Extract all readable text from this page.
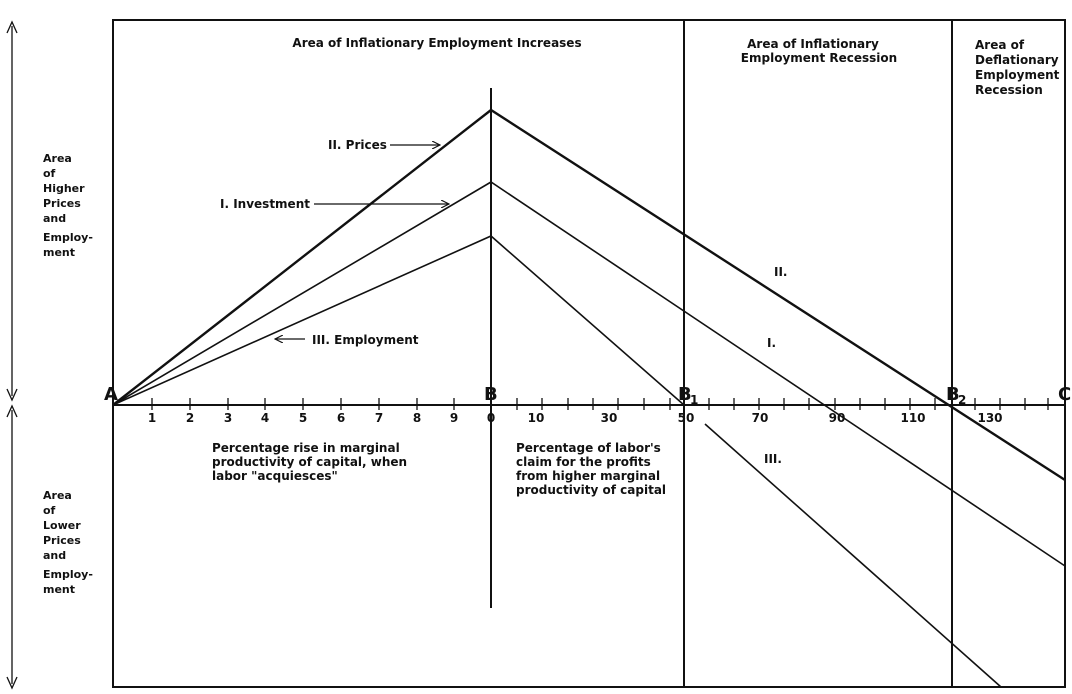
Area of Inflationary Employment Increases	Area of Inflationary
Employment Recession
Area of
Deflationary
Employment
Recession
Area
of
Higher
Prices
and
Employ-
ment
Area
of
Lower
Prices
and
Employ-
ment
A	B	B
1	B
2	C
1 2 3 4 5 6 7 8 9 0	10	30	50	70	90	110	130
Percentage rise in marginal
productivity of capital, when
labor "acquiesces"
Percentage of labor's
claim for the profits
from higher marginal
productivity of capital
II. Prices
I. Investment
III. Employment
II.
I.
III.
